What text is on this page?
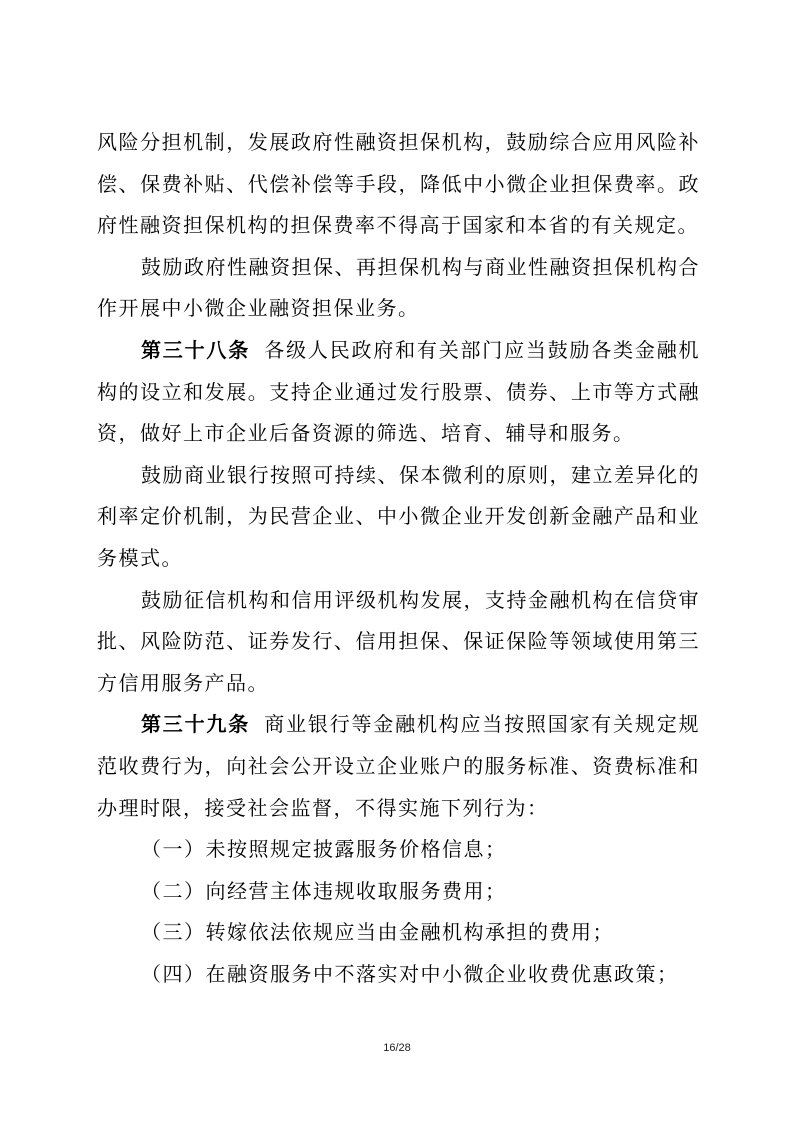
风险分担机制，发展政府性融资担保机构，鼓励综合应用风险补偿、保费补贴、代偿补偿等手段，降低中小微企业担保费率。政府性融资担保机构的担保费率不得高于国家和本省的有关规定。

鼓励政府性融资担保、再担保机构与商业性融资担保机构合作开展中小微企业融资担保业务。

第三十八条 各级人民政府和有关部门应当鼓励各类金融机构的设立和发展。支持企业通过发行股票、债券、上市等方式融资，做好上市企业后备资源的筛选、培育、辅导和服务。

鼓励商业银行按照可持续、保本微利的原则，建立差异化的利率定价机制，为民营企业、中小微企业开发创新金融产品和业务模式。

鼓励征信机构和信用评级机构发展，支持金融机构在信贷审批、风险防范、证券发行、信用担保、保证保险等领域使用第三方信用服务产品。

第三十九条 商业银行等金融机构应当按照国家有关规定规范收费行为，向社会公开设立企业账户的服务标准、资费标准和办理时限，接受社会监督，不得实施下列行为：

（一）未按照规定披露服务价格信息；

（二）向经营主体违规收取服务费用；

（三）转嫁依法依规应当由金融机构承担的费用；

（四）在融资服务中不落实对中小微企业收费优惠政策；

16/28
